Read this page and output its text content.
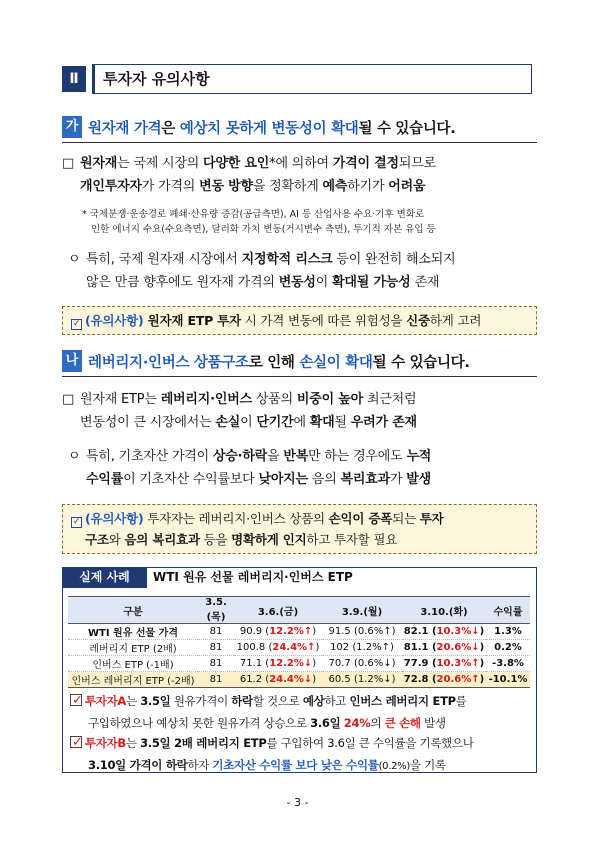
Ⅱ	투자자 유의사항
가 원자재 가격은 예상치 못하게 변동성이 확대될 수 있습니다.
□ 원자재는 국제 시장의 다양한 요인*에 의하여 가격이 결정되므로
개인투자자가 가격의 변동 방향을 정확하게 예측하기가 어려움
* 국제분쟁·운송경로 폐쇄·산유량 증감(공급측면), AI 등 산업사용 수요·기후 변화로
인한 에너지 수요(수요측면), 달러화 가치 변동(거시변수 측면), 투기적 자본 유입 등
ㅇ 특히, 국제 원자재 시장에서 지정학적 리스크 등이 완전히 해소되지
않은 만큼 향후에도 원자재 가격의 변동성이 확대될 가능성 존재
✓ (유의사항) 원자재 ETP 투자 시 가격 변동에 따른 위험성을 신중하게 고려
나 레버리지·인버스 상품구조로 인해 손실이 확대될 수 있습니다.
□ 원자재 ETP는 레버리지·인버스 상품의 비중이 높아 최근처럼
변동성이 큰 시장에서는 손실이 단기간에 확대될 우려가 존재
ㅇ 특히, 기초자산 가격이 상승·하락을 반복만 하는 경우에도 누적
수익률이 기초자산 수익률보다 낮아지는 음의 복리효과가 발생
✓ (유의사항) 투자자는 레버리지·인버스 상품의 손익이 증폭되는 투자
구조와 음의 복리효과 등을 명확하게 인지하고 투자할 필요
실제 사례	WTI 원유 선물 레버리지·인버스 ETP
구분	3.5.(목)	3.6.(금)	3.9.(월)	3.10.(화)	수익률
WTI 원유 선물 가격	81	90.9 (12.2%↑)	91.5 (0.6%↑)	82.1 (10.3%↓)	1.3%
레버리지 ETP (2배)	81	100.8 (24.4%↑)	102 (1.2%↑)	81.1 (20.6%↓)	0.2%
인버스 ETP (-1배)	81	71.1 (12.2%↓)	70.7 (0.6%↓)	77.9 (10.3%↑)	-3.8%
인버스 레버리지 ETP (-2배)	81	61.2 (24.4%↓)	60.5 (1.2%↓)	72.8 (20.6%↑)	-10.1%
✓투자자A는 3.5일 원유가격이 하락할 것으로 예상하고 인버스 레버리지 ETP를
구입하였으나 예상치 못한 원유가격 상승으로 3.6일 24%의 큰 손해 발생
✓투자자B는 3.5일 2배 레버리지 ETP를 구입하여 3.6일 큰 수익률을 기록했으나
3.10일 가격이 하락하자 기초자산 수익률 보다 낮은 수익률(0.2%)을 기록
- 3 -
